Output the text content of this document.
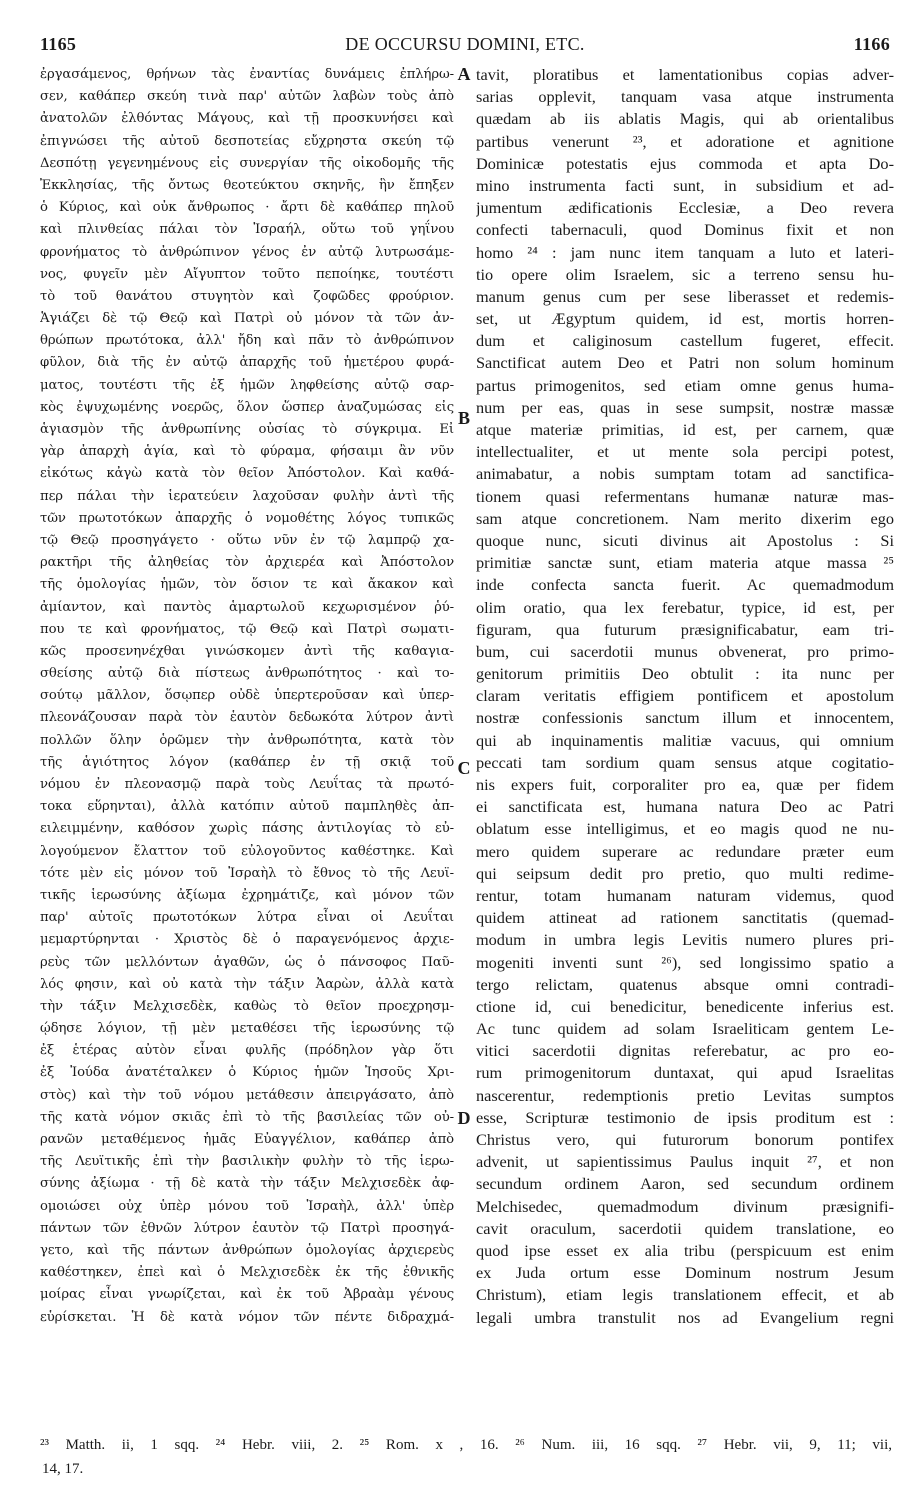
1165	DE OCCURSU DOMINI, ETC.	1166
ἐργασάμενος, θρήνων τὰς ἐναντίας δυνάμεις ἐπλήρω-
σεν, καθάπερ σκεύη τινὰ παρ' αὐτῶν λαβὼν τοὺς ἀπὸ
ἀνατολῶν ἐλθόντας Μάγους, καὶ τῇ προσκυνήσει καὶ
ἐπιγνώσει τῆς αὐτοῦ δεσποτείας εὔχρηστα σκεύη τῷ
Δεσπότῃ γεγενημένους εἰς συνεργίαν τῆς οἰκοδομῆς τῆς
Ἐκκλησίας, τῆς ὄντως θεοτεύκτου σκηνῆς, ἣν ἔπηξεν
ὁ Κύριος, καὶ οὐκ ἄνθρωπος · ἄρτι δὲ καθάπερ πηλοῦ
καὶ πλινθείας πάλαι τὸν Ἰσραήλ, οὕτω τοῦ γηΐνου
φρονήματος τὸ ἀνθρώπινον γένος ἐν αὐτῷ λυτρωσάμε-
νος, φυγεῖν μὲν Αἴγυπτον τοῦτο πεποίηκε, τουτέστι
τὸ τοῦ θανάτου στυγητὸν καὶ ζοφῶδες φρούριον.
Ἁγιάζει δὲ τῷ Θεῷ καὶ Πατρὶ οὐ μόνον τὰ τῶν ἀν-
θρώπων πρωτότοκα, ἀλλ' ἤδη καὶ πᾶν τὸ ἀνθρώπινον
φῦλον, διὰ τῆς ἐν αὐτῷ ἀπαρχῆς τοῦ ἡμετέρου φυρά-
ματος, τουτέστι τῆς ἐξ ἡμῶν ληφθείσης αὐτῷ σαρ-
κὸς ἐψυχωμένης νοερῶς, ὅλον ὥσπερ ἀναζυμώσας εἰς
ἁγιασμὸν τῆς ἀνθρωπίνης οὐσίας τὸ σύγκριμα. Εἰ
γὰρ ἀπαρχὴ ἁγία, καὶ τὸ φύραμα, φήσαιμι ἂν νῦν
εἰκότως κἀγὼ κατὰ τὸν θεῖον Ἀπόστολον. Καὶ καθά-
περ πάλαι τὴν ἱερατεύειν λαχοῦσαν φυλὴν ἀντὶ τῆς
τῶν πρωτοτόκων ἀπαρχῆς ὁ νομοθέτης λόγος τυπικῶς
τῷ Θεῷ προσηγάγετο · οὕτω νῦν ἐν τῷ λαμπρῷ χα-
ρακτῆρι τῆς ἀληθείας τὸν ἀρχιερέα καὶ Ἀπόστολον
τῆς ὁμολογίας ἡμῶν, τὸν ὅσιον τε καὶ ἄκακον καὶ
ἀμίαντον, καὶ παντὸς ἁμαρτωλοῦ κεχωρισμένον ῥύ-
που τε καὶ φρονήματος, τῷ Θεῷ καὶ Πατρὶ σωματι-
κῶς προσενηνέχθαι γινώσκομεν ἀντὶ τῆς καθαγια-
σθείσης αὐτῷ διὰ πίστεως ἀνθρωπότητος · καὶ το-
σούτῳ μᾶλλον, ὅσῳπερ οὐδὲ ὑπερτεροῦσαν καὶ ὑπερ-
πλεονάζουσαν παρὰ τὸν ἑαυτὸν δεδωκότα λύτρον ἀντὶ
πολλῶν ὅλην ὁρῶμεν τὴν ἀνθρωπότητα, κατὰ τὸν
τῆς ἁγιότητος λόγον (καθάπερ ἐν τῇ σκιᾷ τοῦ
νόμου ἐν πλεονασμῷ παρὰ τοὺς Λευΐτας τὰ πρωτό-
τοκα εὕρηνται), ἀλλὰ κατόπιν αὐτοῦ παμπληθὲς ἀπ-
ειλειμμένην, καθόσον χωρὶς πάσης ἀντιλογίας τὸ εὐ-
λογούμενον ἔλαττον τοῦ εὐλογοῦντος καθέστηκε. Καὶ
τότε μὲν εἰς μόνον τοῦ Ἰσραὴλ τὸ ἔθνος τὸ τῆς Λευϊ-
τικῆς ἱερωσύνης ἀξίωμα ἐχρημάτιζε, καὶ μόνον τῶν
παρ' αὐτοῖς πρωτοτόκων λύτρα εἶναι οἱ Λευΐται
μεμαρτύρηνται · Χριστὸς δὲ ὁ παραγενόμενος ἀρχιε-
ρεὺς τῶν μελλόντων ἀγαθῶν, ὡς ὁ πάνσοφος Παῦ-
λός φησιν, καὶ οὐ κατὰ τὴν τάξιν Ἀαρὼν, ἀλλὰ κατὰ
τὴν τάξιν Μελχισεδὲκ, καθὼς τὸ θεῖον προεχρησμ-
ῴδησε λόγιον, τῇ μὲν μεταθέσει τῆς ἱερωσύνης τῷ
ἐξ ἑτέρας αὐτὸν εἶναι φυλῆς (πρόδηλον γὰρ ὅτι
ἐξ Ἰούδα ἀνατέταλκεν ὁ Κύριος ἡμῶν Ἰησοῦς Χρι-
στὸς) καὶ τὴν τοῦ νόμου μετάθεσιν ἀπειργάσατο, ἀπὸ
τῆς κατὰ νόμον σκιᾶς ἐπὶ τὸ τῆς βασιλείας τῶν οὐ-
ρανῶν μεταθέμενος ἡμᾶς Εὐαγγέλιον, καθάπερ ἀπὸ
τῆς Λευϊτικῆς ἐπὶ τὴν βασιλικὴν φυλὴν τὸ τῆς ἱερω-
σύνης ἀξίωμα · τῇ δὲ κατὰ τὴν τάξιν Μελχισεδὲκ ἀφ-
ομοιώσει οὐχ ὑπὲρ μόνου τοῦ Ἰσραὴλ, ἀλλ' ὑπὲρ
πάντων τῶν ἐθνῶν λύτρον ἑαυτὸν τῷ Πατρὶ προσηγά-
γετο, καὶ τῆς πάντων ἀνθρώπων ὁμολογίας ἀρχιερεὺς
καθέστηκεν, ἐπεὶ καὶ ὁ Μελχισεδὲκ ἐκ τῆς ἐθνικῆς
μοίρας εἶναι γνωρίζεται, καὶ ἐκ τοῦ Ἀβραὰμ γένους
εὑρίσκεται. Ἡ δὲ κατὰ νόμον τῶν πέντε διδραχμά-
A
B
C
D
tavit, ploratibus et lamentationibus copias adver-
sarias opplevit, tanquam vasa atque instrumenta
quædam ab iis ablatis Magis, qui ab orientalibus
partibus venerunt ²³, et adoratione et agnitione
Dominicæ potestatis ejus commoda et apta Do-
mino instrumenta facti sunt, in subsidium et ad-
jumentum ædificationis Ecclesiæ, a Deo revera
confecti tabernaculi, quod Dominus fixit et non
homo ²⁴ : jam nunc item tanquam a luto et lateri-
tio opere olim Israelem, sic a terreno sensu hu-
manum genus cum per sese liberasset et redemis-
set, ut Ægyptum quidem, id est, mortis horren-
dum et caliginosum castellum fugeret, effecit.
Sanctificat autem Deo et Patri non solum hominum
partus primogenitos, sed etiam omne genus huma-
num per eas, quas in sese sumpsit, nostræ massæ
atque materiæ primitias, id est, per carnem, quæ
intellectualiter, et ut mente sola percipi potest,
animabatur, a nobis sumptam totam ad sanctifica-
tionem quasi refermentans humanæ naturæ mas-
sam atque concretionem. Nam merito dixerim ego
quoque nunc, sicuti divinus ait Apostolus : Si
primitiæ sanctæ sunt, etiam materia atque massa ²⁵
inde confecta sancta fuerit. Ac quemadmodum
olim oratio, qua lex ferebatur, typice, id est, per
figuram, qua futurum præsignificabatur, eam tri-
bum, cui sacerdotii munus obvenerat, pro primo-
genitorum primitiis Deo obtulit : ita nunc per
claram veritatis effigiem pontificem et apostolum
nostræ confessionis sanctum illum et innocentem,
qui ab inquinamentis malitiæ vacuus, qui omnium
peccati tam sordium quam sensus atque cogitatio-
nis expers fuit, corporaliter pro ea, quæ per fidem
ei sanctificata est, humana natura Deo ac Patri
oblatum esse intelligimus, et eo magis quod ne nu-
mero quidem superare ac redundare præter eum
qui seipsum dedit pro pretio, quo multi redime-
rentur, totam humanam naturam videmus, quod
quidem attineat ad rationem sanctitatis (quemad-
modum in umbra legis Levitis numero plures pri-
mogeniti inventi sunt ²⁶), sed longissimo spatio a
tergo relictam, quatenus absque omni contradi-
ctione id, cui benedicitur, benedicente inferius est.
Ac tunc quidem ad solam Israeliticam gentem Le-
vitici sacerdotii dignitas referebatur, ac pro eo-
rum primogenitorum duntaxat, qui apud Israelitas
nascerentur, redemptionis pretio Levitas sumptos
esse, Scripturæ testimonio de ipsis proditum est :
Christus vero, qui futurorum bonorum pontifex
advenit, ut sapientissimus Paulus inquit ²⁷, et non
secundum ordinem Aaron, sed secundum ordinem
Melchisedec, quemadmodum divinum præsignifi-
cavit oraculum, sacerdotii quidem translatione, eo
quod ipse esset ex alia tribu (perspicuum est enim
ex Juda ortum esse Dominum nostrum Jesum
Christum), etiam legis translationem effecit, et ab
legali umbra transtulit nos ad Evangelium regni
²³ Matth. ii, 1 sqq. ²⁴ Hebr. viii, 2. ²⁵ Rom. x , 16. ²⁶ Num. iii, 16 sqq. ²⁷ Hebr. vii, 9, 11; vii,
14, 17.
